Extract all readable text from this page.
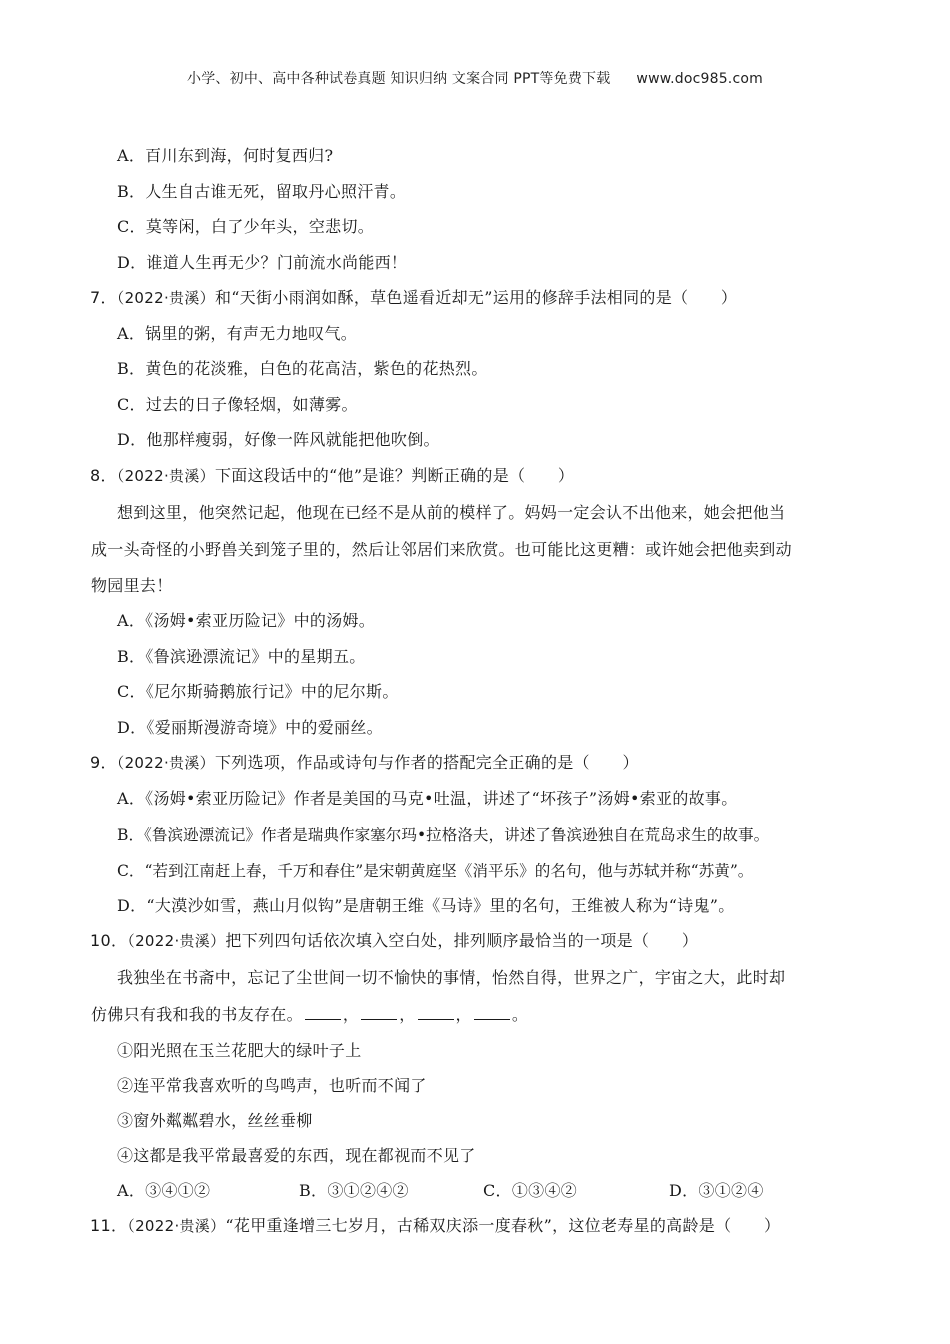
小学、初中、高中各种试卷真题 知识归纳 文案合同 PPT等免费下载 www.doc985.com
A．百川东到海，何时复西归?
B．人生自古谁无死，留取丹心照汗青。
C．莫等闲，白了少年头，空悲切。
D．谁道人生再无少？门前流水尚能西！
7．（2022·贵溪）和“天街小雨润如酥，草色遥看近却无”运用的修辞手法相同的是（　　）
A．锅里的粥，有声无力地叹气。
B．黄色的花淡雅，白色的花高洁，紫色的花热烈。
C．过去的日子像轻烟，如薄雾。
D．他那样瘦弱，好像一阵风就能把他吹倒。
8．（2022·贵溪）下面这段话中的“他”是谁？判断正确的是（　　）
想到这里，他突然记起，他现在已经不是从前的模样了。妈妈一定会认不出他来，她会把他当
成一头奇怪的小野兽关到笼子里的，然后让邻居们来欣赏。也可能比这更糟：或许她会把他卖到动
物园里去！
A．《汤姆•索亚历险记》中的汤姆。
B．《鲁滨逊漂流记》中的星期五。
C．《尼尔斯骑鹅旅行记》中的尼尔斯。
D．《爱丽斯漫游奇境》中的爱丽丝。
9．（2022·贵溪）下列选项，作品或诗句与作者的搭配完全正确的是（　　）
A．《汤姆•索亚历险记》作者是美国的马克•吐温，讲述了“坏孩子”汤姆•索亚的故事。
B．《鲁滨逊漂流记》作者是瑞典作家塞尔玛•拉格洛夫，讲述了鲁滨逊独自在荒岛求生的故事。
C．“若到江南赶上春，千万和春住”是宋朝黄庭坚《消平乐》的名句，他与苏轼并称“苏黄”。
D．“大漠沙如雪，燕山月似钩”是唐朝王维《马诗》里的名句，王维被人称为“诗鬼”。
10．（2022·贵溪）把下列四句话依次填入空白处，排列顺序最恰当的一项是（　　）
我独坐在书斋中，忘记了尘世间一切不愉快的事情，怡然自得，世界之广，宇宙之大，此时却
仿佛只有我和我的书友存在。	，	，	，	。
①阳光照在玉兰花肥大的绿叶子上
②连平常我喜欢听的鸟鸣声，也听而不闻了
③窗外粼粼碧水，丝丝垂柳
④这都是我平常最喜爱的东西，现在都视而不见了
A．③④①②	B．③①②④②	C．①③④②	D．③①②④
11．（2022·贵溪）“花甲重逢增三七岁月，古稀双庆添一度春秋”，这位老寿星的高龄是（　　）
